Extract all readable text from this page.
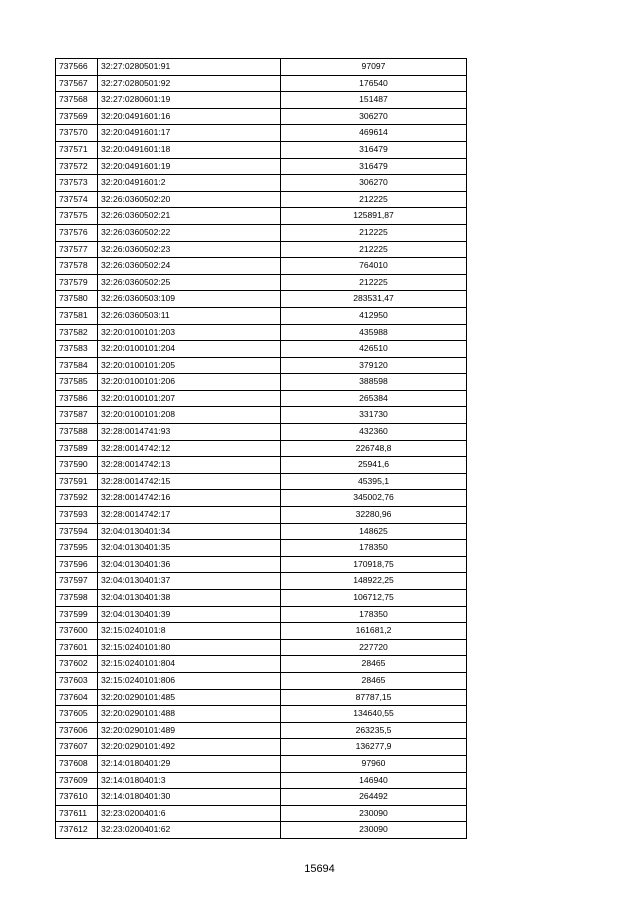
737566	32:27:0280501:91	97097
737567	32:27:0280501:92	176540
737568	32:27:0280601:19	151487
737569	32:20:0491601:16	306270
737570	32:20:0491601:17	469614
737571	32:20:0491601:18	316479
737572	32:20:0491601:19	316479
737573	32:20:0491601:2	306270
737574	32:26:0360502:20	212225
737575	32:26:0360502:21	125891,87
737576	32:26:0360502:22	212225
737577	32:26:0360502:23	212225
737578	32:26:0360502:24	764010
737579	32:26:0360502:25	212225
737580	32:26:0360503:109	283531,47
737581	32:26:0360503:11	412950
737582	32:20:0100101:203	435988
737583	32:20:0100101:204	426510
737584	32:20:0100101:205	379120
737585	32:20:0100101:206	388598
737586	32:20:0100101:207	265384
737587	32:20:0100101:208	331730
737588	32:28:0014741:93	432360
737589	32:28:0014742:12	226748,8
737590	32:28:0014742:13	25941,6
737591	32:28:0014742:15	45395,1
737592	32:28:0014742:16	345002,76
737593	32:28:0014742:17	32280,96
737594	32:04:0130401:34	148625
737595	32:04:0130401:35	178350
737596	32:04:0130401:36	170918,75
737597	32:04:0130401:37	148922,25
737598	32:04:0130401:38	106712,75
737599	32:04:0130401:39	178350
737600	32:15:0240101:8	161681,2
737601	32:15:0240101:80	227720
737602	32:15:0240101:804	28465
737603	32:15:0240101:806	28465
737604	32:20:0290101:485	87787,15
737605	32:20:0290101:488	134640,55
737606	32:20:0290101:489	263235,5
737607	32:20:0290101:492	136277,9
737608	32:14:0180401:29	97960
737609	32:14:0180401:3	146940
737610	32:14:0180401:30	264492
737611	32:23:0200401:6	230090
737612	32:23:0200401:62	230090
15694
